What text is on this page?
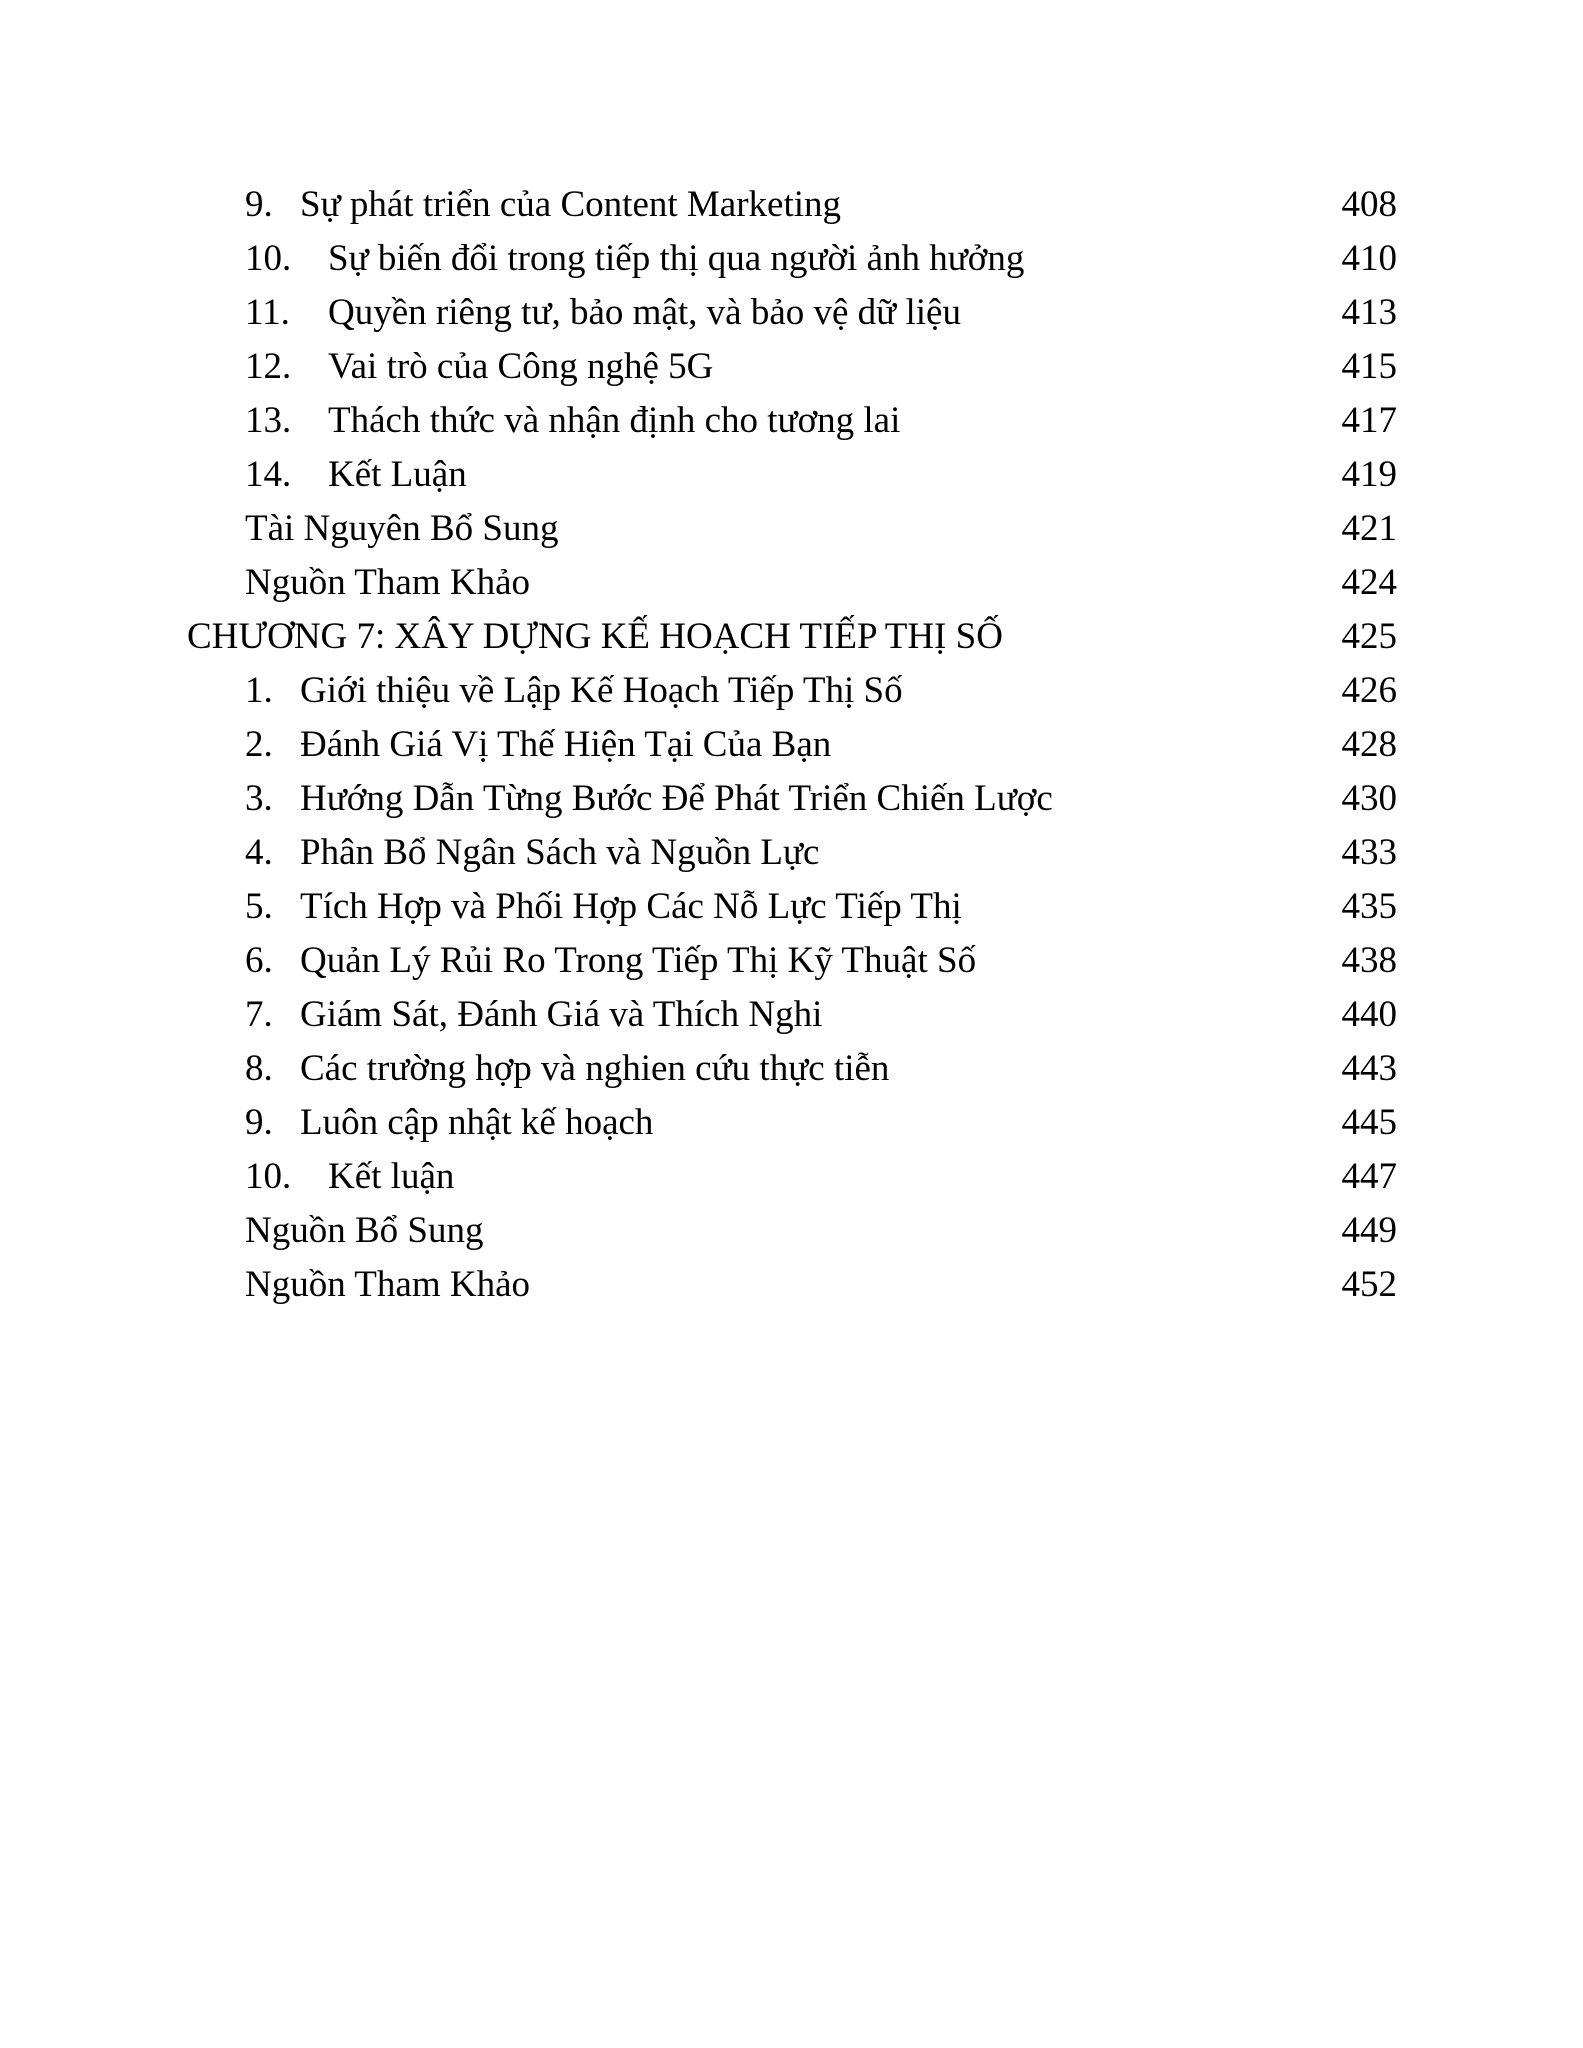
9. Sự phát triển của Content Marketing	408
10. Sự biến đổi trong tiếp thị qua người ảnh hưởng	410
11.	Quyền riêng tư, bảo mật, và bảo vệ dữ liệu	413
12. Vai trò của Công nghệ 5G	415
13. Thách thức và nhận định cho tương lai	417
14. Kết Luận	419
Tài Nguyên Bổ Sung	421
Nguồn Tham Khảo	424
CHƯƠNG 7: XÂY DỰNG KẾ HOẠCH TIẾP THỊ SỐ	425
1. Giới thiệu về Lập Kế Hoạch Tiếp Thị Số	426
2. Đánh Giá Vị Thế Hiện Tại Của Bạn	428
3. Hướng Dẫn Từng Bước Để Phát Triển Chiến Lược	430
4. Phân Bổ Ngân Sách và Nguồn Lực	433
5. Tích Hợp và Phối Hợp Các Nỗ Lực Tiếp Thị	435
6. Quản Lý Rủi Ro Trong Tiếp Thị Kỹ Thuật Số	438
7. Giám Sát, Đánh Giá và Thích Nghi	440
8. Các trường hợp và nghien cứu thực tiễn	443
9. Luôn cập nhật kế hoạch	445
10. Kết luận	447
Nguồn Bổ Sung	449
Nguồn Tham Khảo	452
